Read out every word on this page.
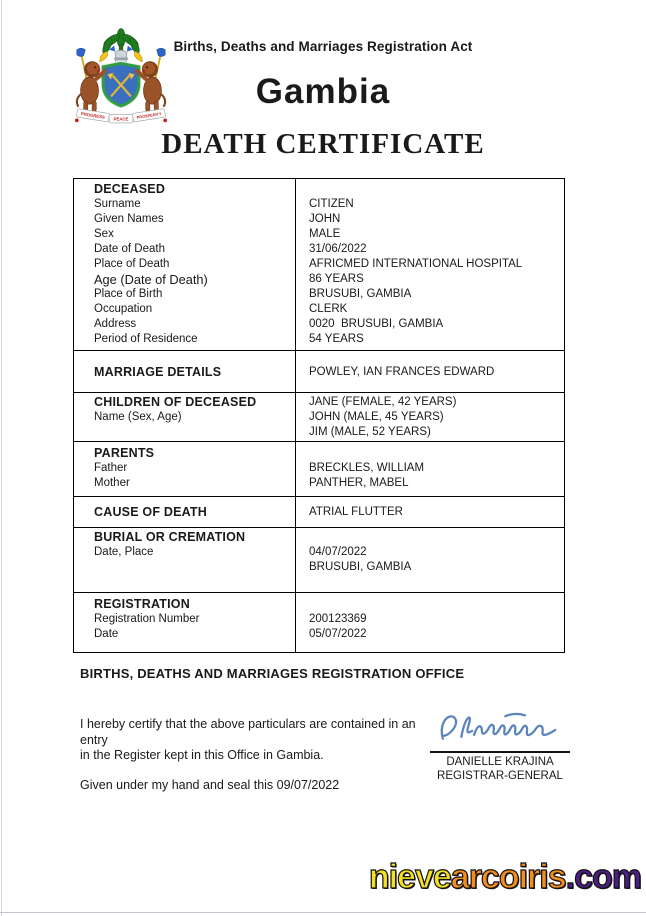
PROGRESS PEACE PROSPERITY
Births, Deaths and Marriages Registration Act
Gambia
DEATH CERTIFICATE
DECEASED
Surname	CITIZEN
Given Names	JOHN
Sex	MALE
Date of Death	31/06/2022
Place of Death	AFRICMED INTERNATIONAL HOSPITAL
Age (Date of Death)	86 YEARS
Place of Birth	BRUSUBI, GAMBIA
Occupation	CLERK
Address	0020  BRUSUBI, GAMBIA
Period of Residence	54 YEARS
MARRIAGE DETAILS	POWLEY, IAN FRANCES EDWARD
CHILDREN OF DECEASED	JANE (FEMALE, 42 YEARS)
Name (Sex, Age)	JOHN (MALE, 45 YEARS)
JIM (MALE, 52 YEARS)
PARENTS
Father	BRECKLES, WILLIAM
Mother	PANTHER, MABEL
CAUSE OF DEATH	ATRIAL FLUTTER
BURIAL OR CREMATION
Date, Place	04/07/2022
BRUSUBI, GAMBIA
REGISTRATION
Registration Number	200123369
Date	05/07/2022
BIRTHS, DEATHS AND MARRIAGES REGISTRATION OFFICE
I hereby certify that the above particulars are contained in an entry
in the Register kept in this Office in Gambia.	DANIELLE KRAJINA
REGISTRAR-GENERAL
Given under my hand and seal this 09/07/2022
nievearcoiris.com
